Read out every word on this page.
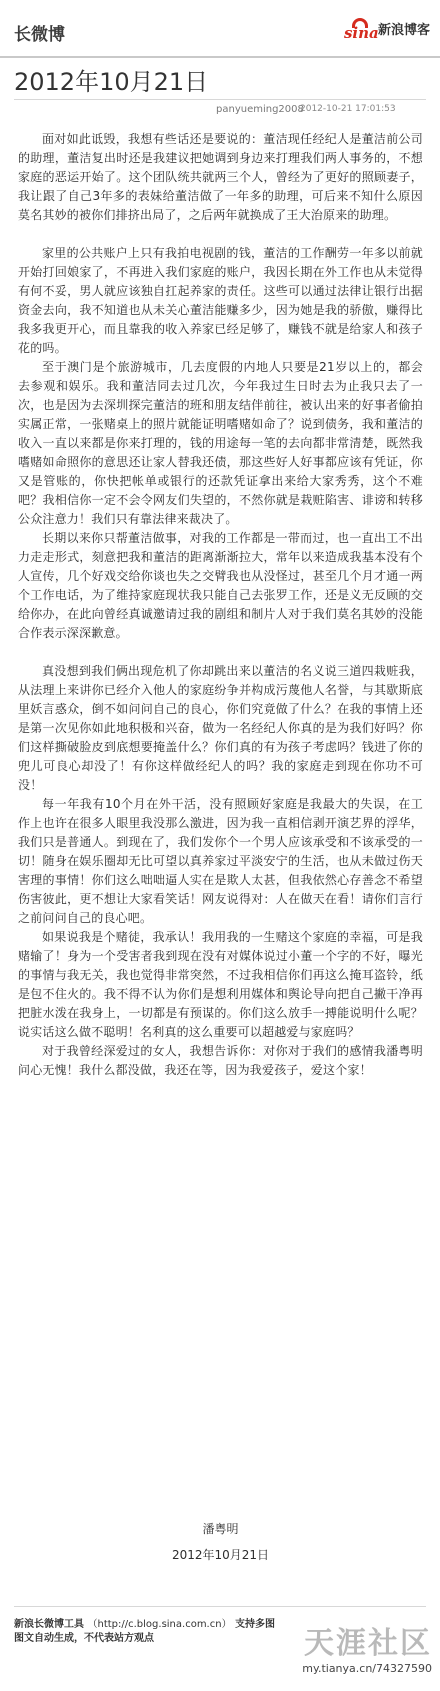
长微博	sina 新浪博客
2012年10月21日
panyueming2008
2012-10-21 17:01:53

面对如此诋毁，我想有些话还是要说的：董洁现任经纪人是董洁前公司的助理，董洁复出时还是我建议把她调到身边来打理我们两人事务的，不想家庭的恶运开始了。这个团队统共就两三个人，曾经为了更好的照顾妻子，我让跟了自己3年多的表妹给董洁做了一年多的助理，可后来不知什么原因莫名其妙的被你们排挤出局了，之后两年就换成了王大治原来的助理。

家里的公共账户上只有我拍电视剧的钱，董洁的工作酬劳一年多以前就开始打回娘家了，不再进入我们家庭的账户，我因长期在外工作也从未觉得有何不妥，男人就应该独自扛起养家的责任。这些可以通过法律让银行出据资金去向，我不知道也从未关心董洁能赚多少，因为她是我的骄傲，赚得比我多我更开心，而且靠我的收入养家已经足够了，赚钱不就是给家人和孩子花的吗。

至于澳门是个旅游城市，几去度假的内地人只要是21岁以上的，都会去参观和娱乐。我和董洁同去过几次，今年我过生日时去为止我只去了一次，也是因为去深圳探完董洁的班和朋友结伴前往，被认出来的好事者偷拍实属正常，一张赌桌上的照片就能证明嗜赌如命了？说到债务，我和董洁的收入一直以来都是你来打理的，钱的用途每一笔的去向都非常清楚，既然我嗜赌如命照你的意思还让家人替我还债，那这些好人好事都应该有凭证，你又是管账的，你快把帐单或银行的还款凭证拿出来给大家秀秀，这个不难吧？我相信你一定不会令网友们失望的，不然你就是栽赃陷害、诽谤和转移公众注意力！我们只有靠法律来裁决了。

长期以来你只帮董洁做事，对我的工作都是一带而过，也一直出工不出力走走形式，刻意把我和董洁的距离渐渐拉大，常年以来造成我基本没有个人宣传，几个好戏交给你谈也失之交臂我也从没怪过，甚至几个月才通一两个工作电话，为了维持家庭现状我只能自己去张罗工作，还是义无反顾的交给你办，在此向曾经真诚邀请过我的剧组和制片人对于我们莫名其妙的没能合作表示深深歉意。

真没想到我们俩出现危机了你却跳出来以董洁的名义说三道四栽赃我，从法理上来讲你已经介入他人的家庭纷争并构成污蔑他人名誉，与其歇斯底里妖言惑众，倒不如问问自己的良心，你们究竟做了什么？在我的事情上还是第一次见你如此地积极和兴奋，做为一名经纪人你真的是为我们好吗？你们这样撕破脸皮到底想要掩盖什么？你们真的有为孩子考虑吗？钱进了你的兜儿可良心却没了！有你这样做经纪人的吗？我的家庭走到现在你功不可没！

每一年我有10个月在外干活，没有照顾好家庭是我最大的失误，在工作上也许在很多人眼里我没那么激进，因为我一直相信剥开演艺界的浮华，我们只是普通人。到现在了，我们发你个一个男人应该承受和不该承受的一切！随身在娱乐圈却无比可望以真养家过平淡安宁的生活，也从未做过伤天害理的事情！你们这么咄咄逼人实在是欺人太甚，但我依然心存善念不希望伤害彼此，更不想让大家看笑话！网友说得对：人在做天在看！请你们言行之前问问自己的良心吧。

如果说我是个赌徒，我承认！我用我的一生赌这个家庭的幸福，可是我赌输了！身为一个受害者我到现在没有对媒体说过小董一个字的不好，曝光的事情与我无关，我也觉得非常突然，不过我相信你们再这么掩耳盗铃，纸是包不住火的。我不得不认为你们是想利用媒体和舆论导向把自己撇干净再把脏水泼在我身上，一切都是有预谋的。你们这么放手一搏能说明什么呢？说实话这么做不聪明！名利真的这么重要可以超越爱与家庭吗？

对于我曾经深爱过的女人，我想告诉你：对你对于我们的感情我潘粤明问心无愧！我什么都没做，我还在等，因为我爱孩子，爱这个家！

潘粤明
2012年10月21日
新浪长微博工具 （http://c.blog.sina.com.cn） 支持多图
图文自动生成，不代表站方观点	天涯社区
my.tianya.cn/74327590
